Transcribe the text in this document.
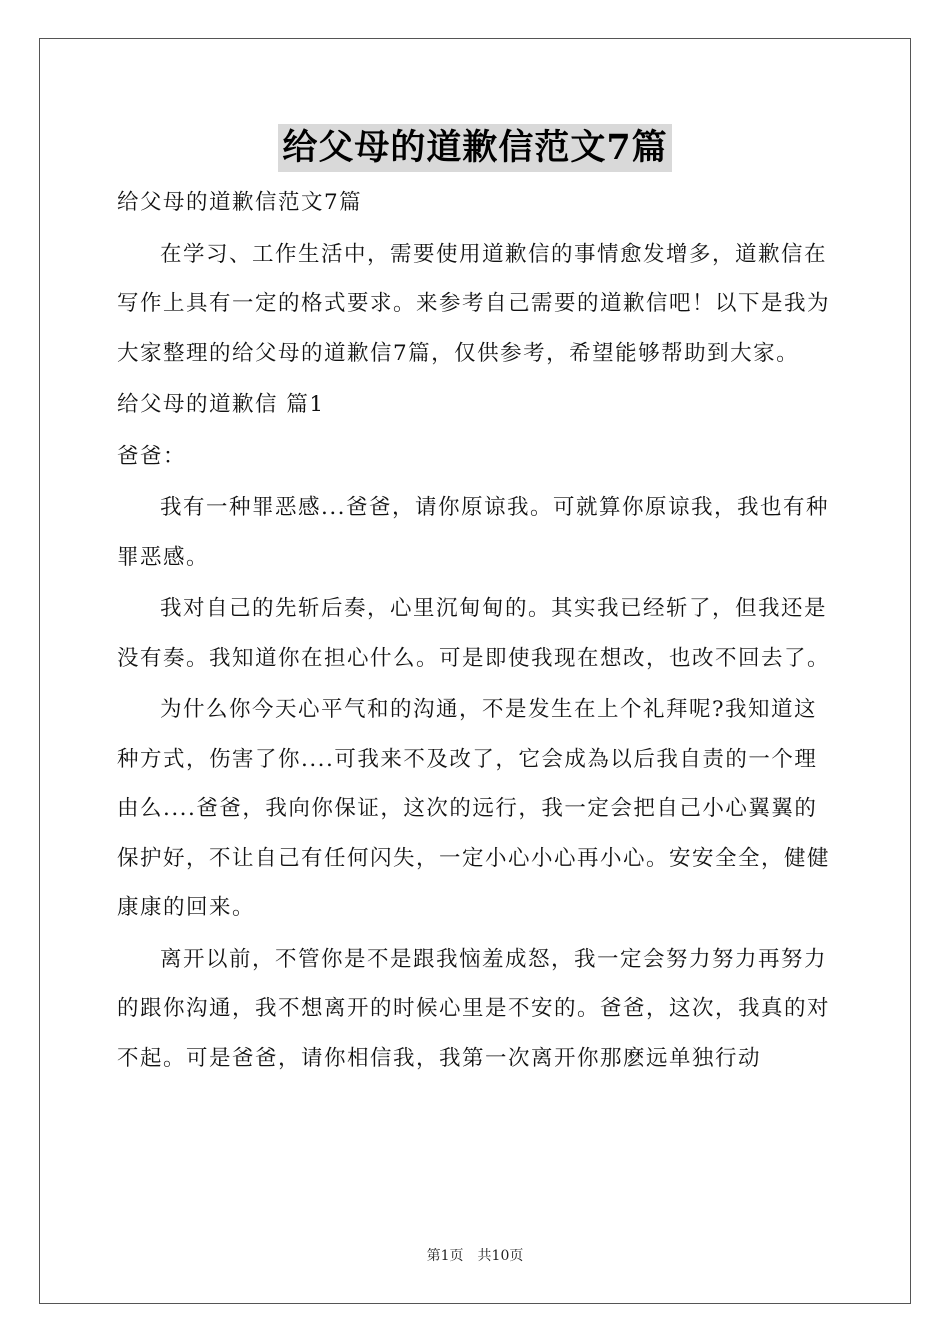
给父母的道歉信范文7篇

给父母的道歉信范文7篇

在学习、工作生活中，需要使用道歉信的事情愈发增多，道歉信在写作上具有一定的格式要求。来参考自己需要的道歉信吧！以下是我为大家整理的给父母的道歉信7篇，仅供参考，希望能够帮助到大家。

给父母的道歉信 篇1

爸爸：

我有一种罪恶感...爸爸，请你原谅我。可就算你原谅我，我也有种罪恶感。

我对自己的先斩后奏，心里沉甸甸的。其实我已经斩了，但我还是没有奏。我知道你在担心什么。可是即使我现在想改，也改不回去了。

为什么你今天心平气和的沟通，不是发生在上个礼拜呢?我知道这种方式，伤害了你....可我来不及改了，它会成為以后我自责的一个理由么....爸爸，我向你保证，这次的远行，我一定会把自己小心翼翼的保护好，不让自己有任何闪失，一定小心小心再小心。安安全全，健健康康的回来。

离开以前，不管你是不是跟我恼羞成怒，我一定会努力努力再努力的跟你沟通，我不想离开的时候心里是不安的。爸爸，这次，我真的对不起。可是爸爸，请你相信我，我第一次离开你那麽远单独行动

第1页 共10页
